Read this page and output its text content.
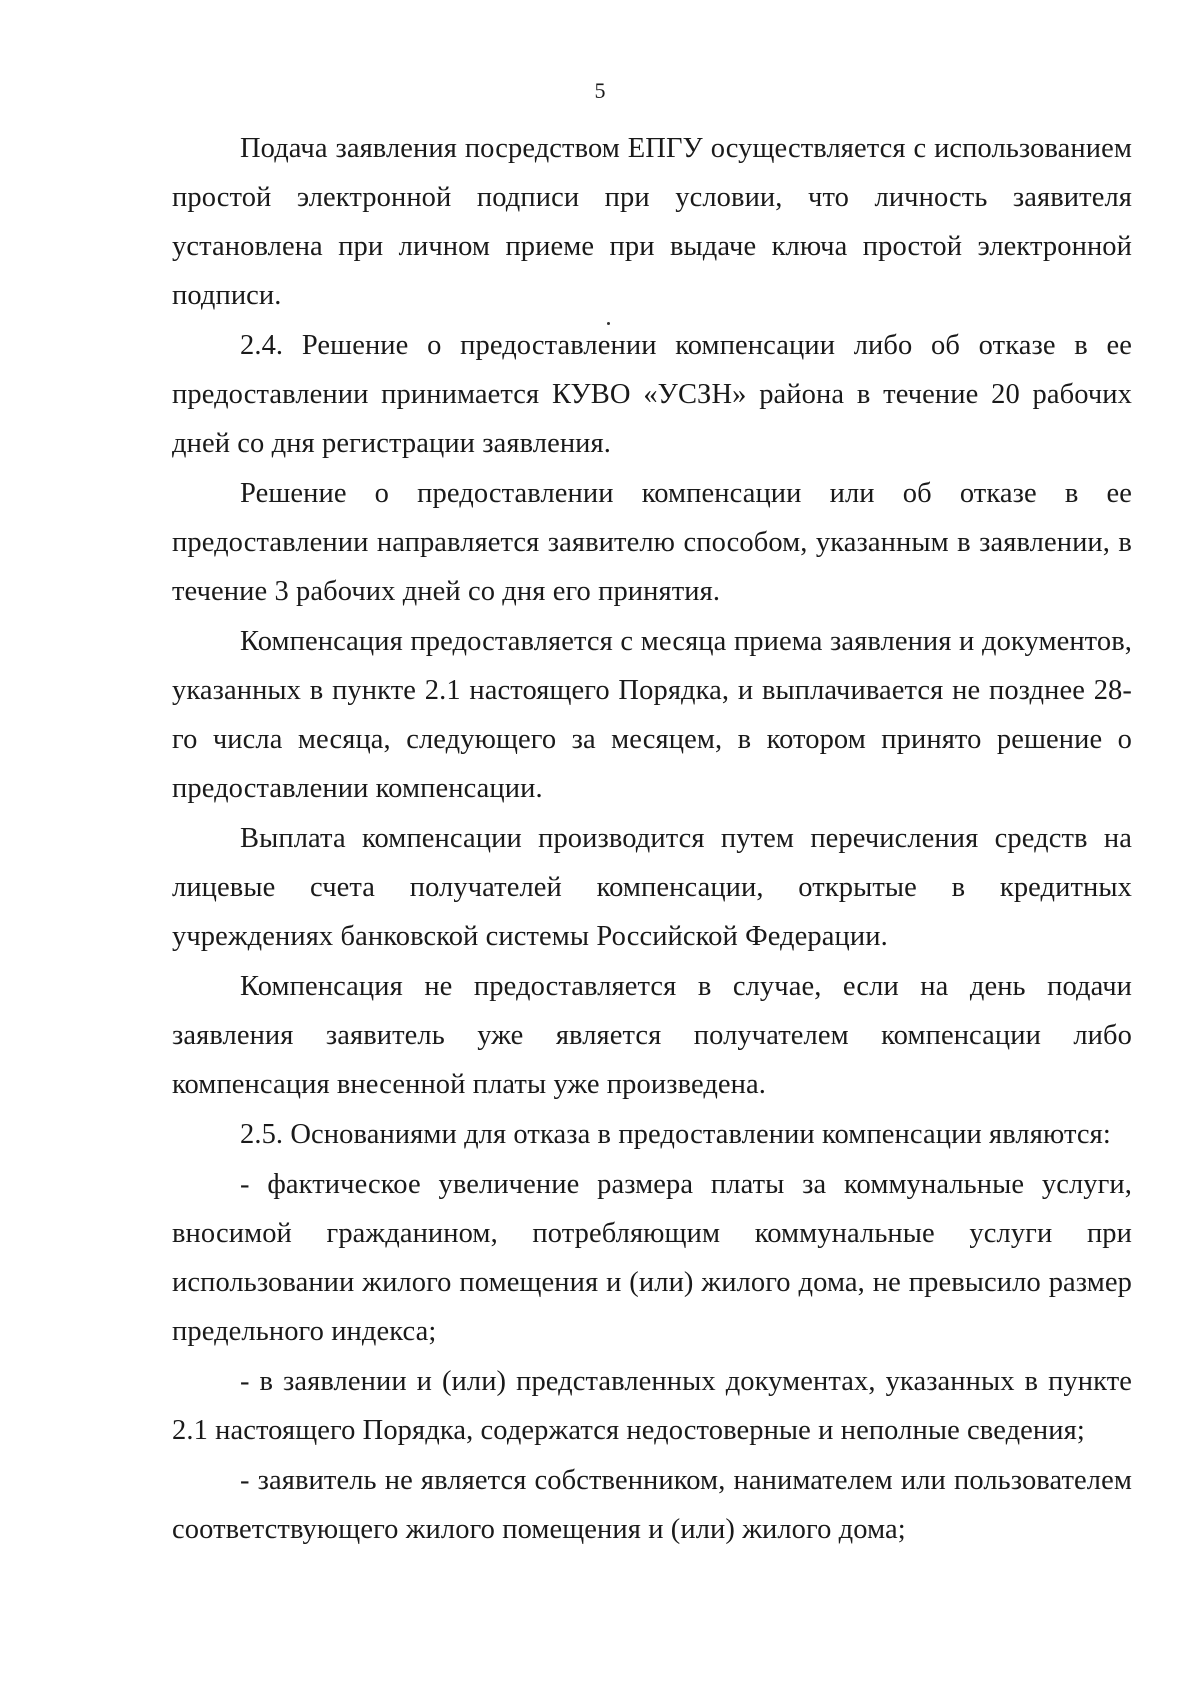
5

Подача заявления посредством ЕПГУ осуществляется с использованием простой электронной подписи при условии, что личность заявителя установлена при личном приеме при выдаче ключа простой электронной подписи.

2.4. Решение о предоставлении компенсации либо об отказе в ее предоставлении принимается КУВО «УСЗН» района в течение 20 рабочих дней со дня регистрации заявления.

Решение о предоставлении компенсации или об отказе в ее предоставлении направляется заявителю способом, указанным в заявлении, в течение 3 рабочих дней со дня его принятия.

Компенсация предоставляется с месяца приема заявления и документов, указанных в пункте 2.1 настоящего Порядка, и выплачивается не позднее 28-го числа месяца, следующего за месяцем, в котором принято решение о предоставлении компенсации.

Выплата компенсации производится путем перечисления средств на лицевые счета получателей компенсации, открытые в кредитных учреждениях банковской системы Российской Федерации.

Компенсация не предоставляется в случае, если на день подачи заявления заявитель уже является получателем компенсации либо компенсация внесенной платы уже произведена.

2.5. Основаниями для отказа в предоставлении компенсации являются:

- фактическое увеличение размера платы за коммунальные услуги, вносимой гражданином, потребляющим коммунальные услуги при использовании жилого помещения и (или) жилого дома, не превысило размер предельного индекса;

- в заявлении и (или) представленных документах, указанных в пункте 2.1 настоящего Порядка, содержатся недостоверные и неполные сведения;

- заявитель не является собственником, нанимателем или пользователем соответствующего жилого помещения и (или) жилого дома;
